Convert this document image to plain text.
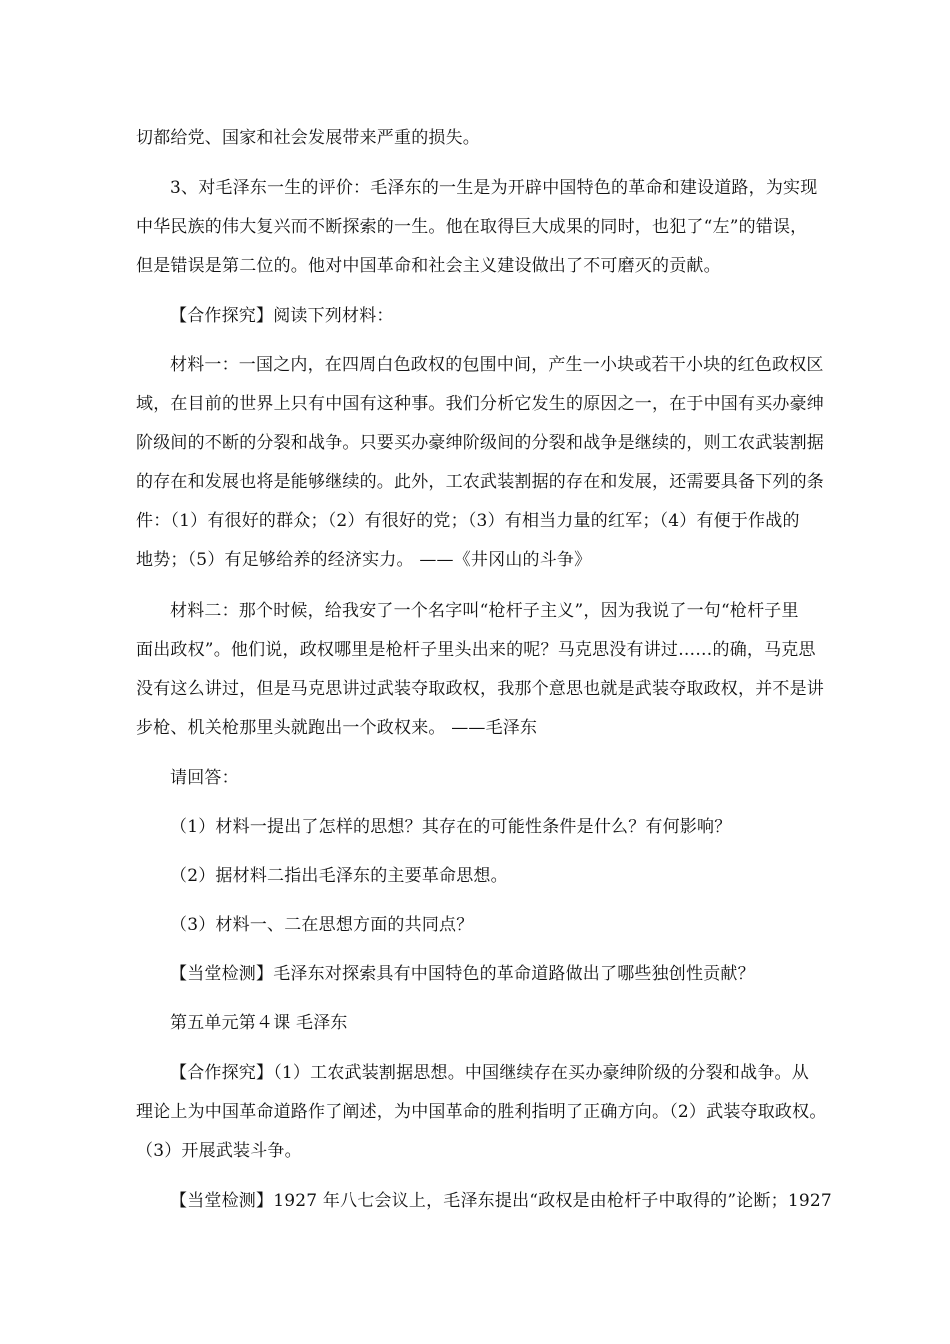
切都给党、国家和社会发展带来严重的损失。
3、对毛泽东一生的评价：毛泽东的一生是为开辟中国特色的革命和建设道路，为实现
中华民族的伟大复兴而不断探索的一生。他在取得巨大成果的同时，也犯了“左”的错误，
但是错误是第二位的。他对中国革命和社会主义建设做出了不可磨灭的贡献。
【合作探究】阅读下列材料：
材料一：一国之内，在四周白色政权的包围中间，产生一小块或若干小块的红色政权区
域，在目前的世界上只有中国有这种事。我们分析它发生的原因之一，在于中国有买办豪绅
阶级间的不断的分裂和战争。只要买办豪绅阶级间的分裂和战争是继续的，则工农武装割据
的存在和发展也将是能够继续的。此外，工农武装割据的存在和发展，还需要具备下列的条
件：（1）有很好的群众；（2）有很好的党；（3）有相当力量的红军；（4）有便于作战的
地势；（5）有足够给养的经济实力。 ——《井冈山的斗争》
材料二：那个时候，给我安了一个名字叫“枪杆子主义”，因为我说了一句“枪杆子里
面出政权”。他们说，政权哪里是枪杆子里头出来的呢？马克思没有讲过……的确，马克思
没有这么讲过，但是马克思讲过武装夺取政权，我那个意思也就是武装夺取政权，并不是讲
步枪、机关枪那里头就跑出一个政权来。 ——毛泽东
请回答：
（1）材料一提出了怎样的思想？其存在的可能性条件是什么？有何影响？
（2）据材料二指出毛泽东的主要革命思想。
（3）材料一、二在思想方面的共同点？
【当堂检测】毛泽东对探索具有中国特色的革命道路做出了哪些独创性贡献？
第五单元第４课 毛泽东
【合作探究】（1）工农武装割据思想。中国继续存在买办豪绅阶级的分裂和战争。从
理论上为中国革命道路作了阐述，为中国革命的胜利指明了正确方向。（2）武装夺取政权。
（3）开展武装斗争。
【当堂检测】1927 年八七会议上，毛泽东提出“政权是由枪杆子中取得的”论断；1927
